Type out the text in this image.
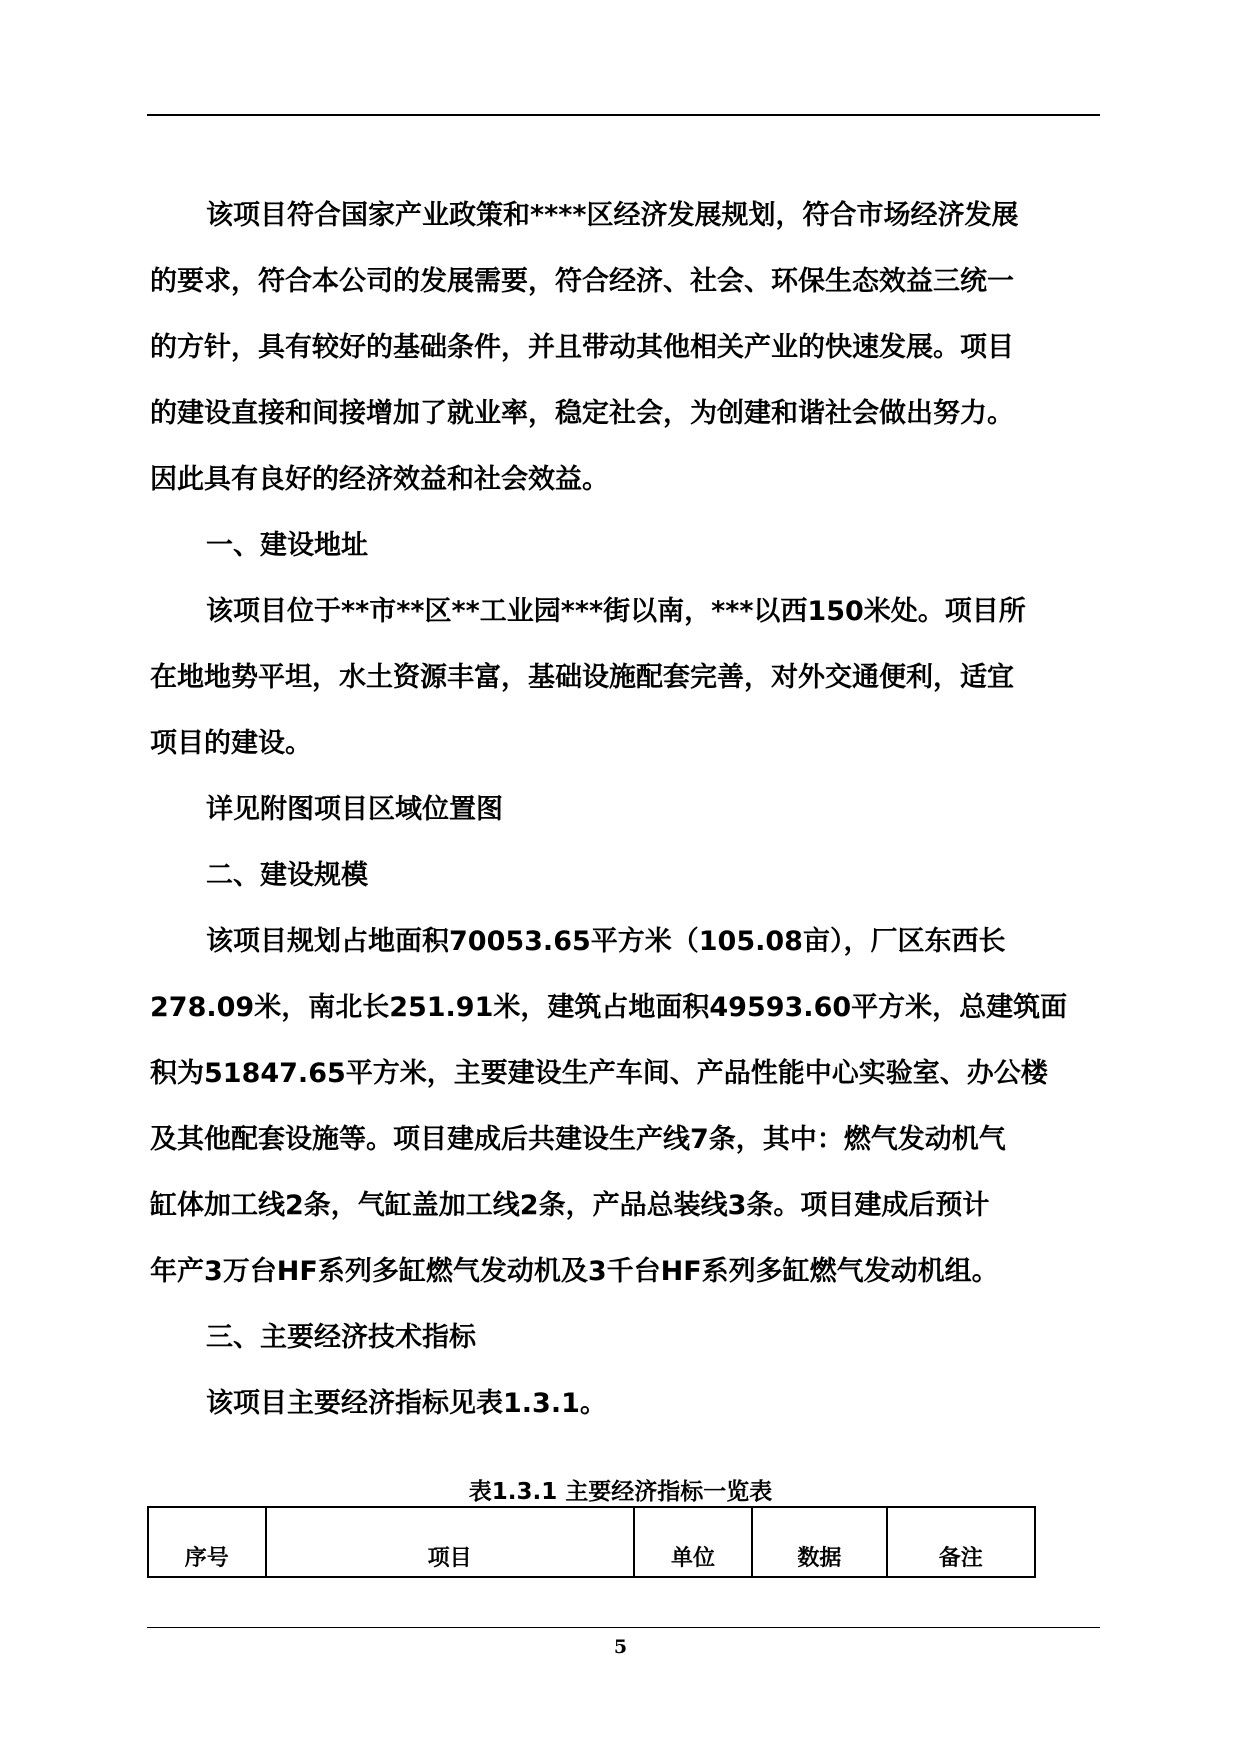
该项目符合国家产业政策和****区经济发展规划，符合市场经济发展
的要求，符合本公司的发展需要，符合经济、社会、环保生态效益三统一
的方针，具有较好的基础条件，并且带动其他相关产业的快速发展。项目
的建设直接和间接增加了就业率，稳定社会，为创建和谐社会做出努力。
因此具有良好的经济效益和社会效益。
一、建设地址
该项目位于**市**区**工业园***街以南，***以西150米处。项目所
在地地势平坦，水土资源丰富，基础设施配套完善，对外交通便利，适宜
项目的建设。
详见附图项目区域位置图
二、建设规模
该项目规划占地面积70053.65平方米（105.08亩），厂区东西长
278.09米，南北长251.91米，建筑占地面积49593.60平方米，总建筑面
积为51847.65平方米，主要建设生产车间、产品性能中心实验室、办公楼
及其他配套设施等。项目建成后共建设生产线7条，其中：燃气发动机气
缸体加工线2条，气缸盖加工线2条，产品总装线3条。项目建成后预计
年产3万台HF系列多缸燃气发动机及3千台HF系列多缸燃气发动机组。
三、主要经济技术指标
该项目主要经济指标见表1.3.1。
表1.3.1 主要经济指标一览表
序号	项目	单位	数据	备注
5
